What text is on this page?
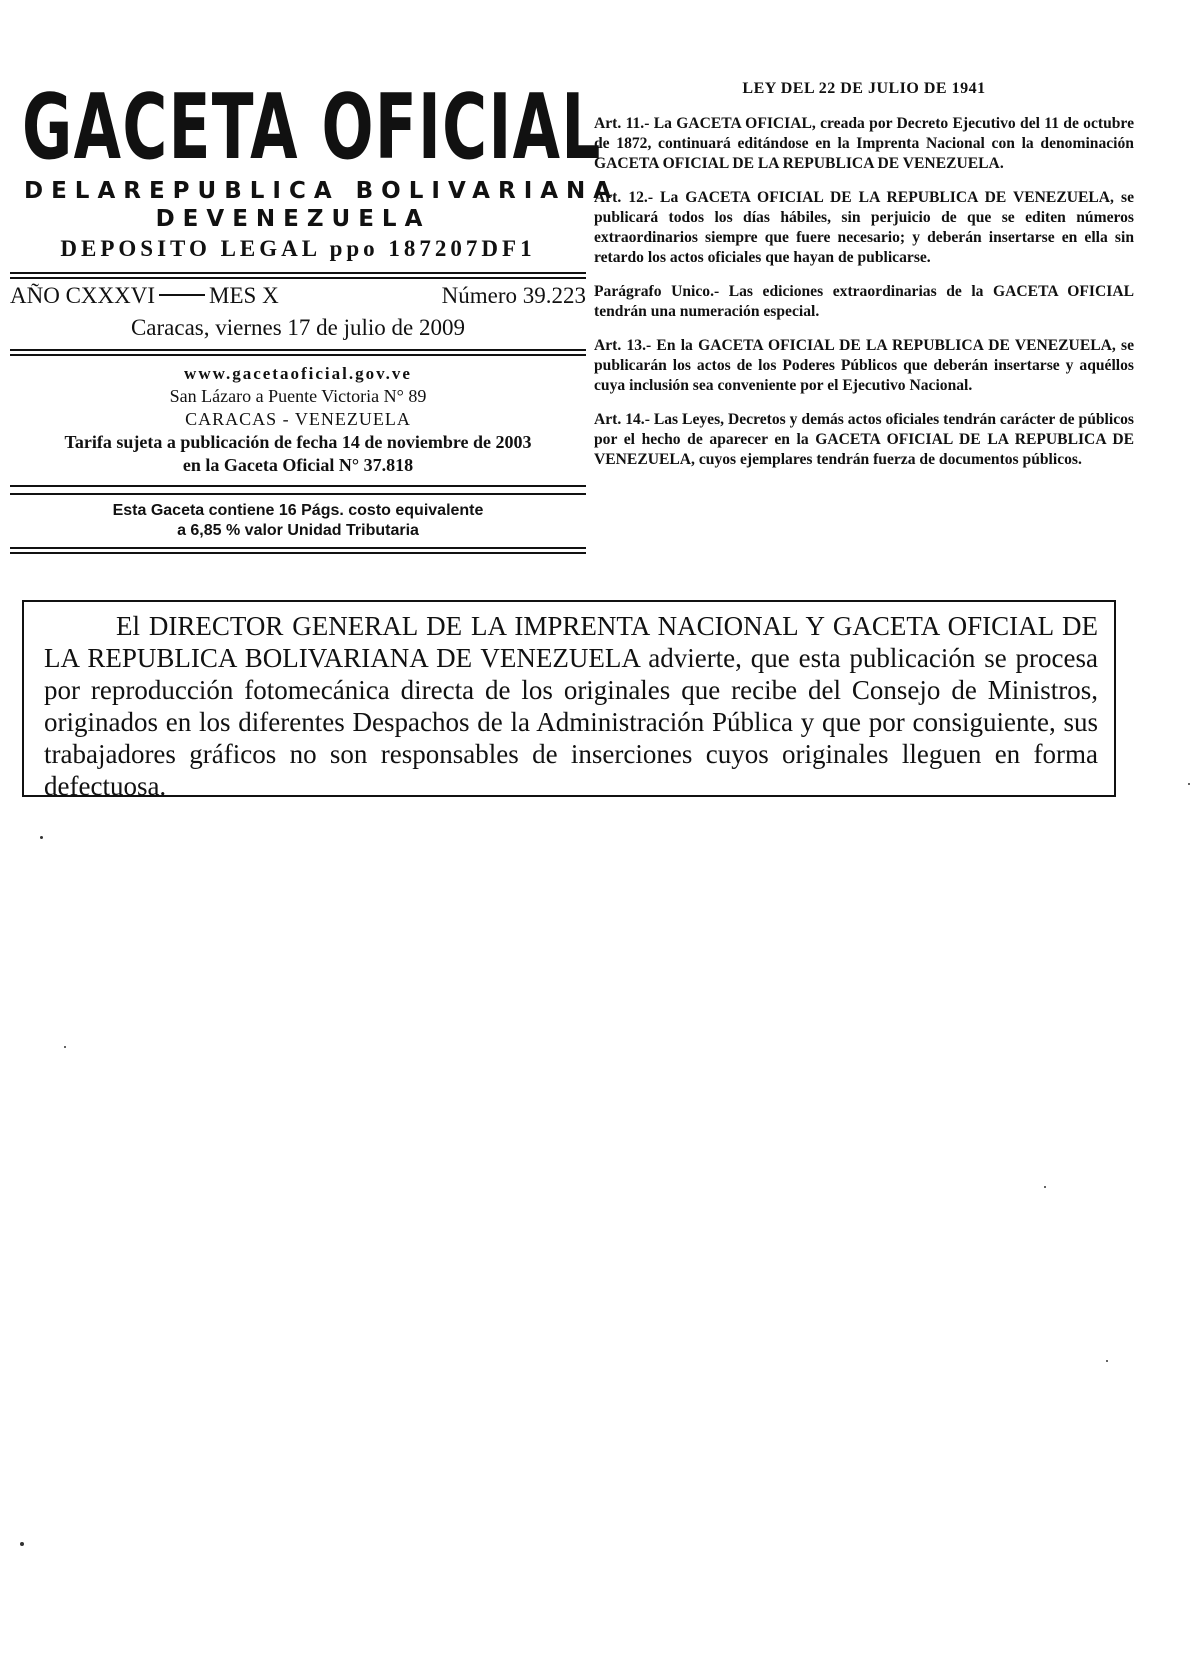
GACETA OFICIAL
DELAREPUBLICA BOLIVARIANA
DEVENEZUELA
DEPOSITO LEGAL ppo 187207DF1
AÑO CXXXVI MES X	Número 39.223
Caracas, viernes 17 de julio de 2009
www.gacetaoficial.gov.ve
San Lázaro a Puente Victoria N° 89
CARACAS - VENEZUELA
Tarifa sujeta a publicación de fecha 14 de noviembre de 2003
en la Gaceta Oficial N° 37.818
Esta Gaceta contiene 16 Págs. costo equivalente
a 6,85 % valor Unidad Tributaria
LEY DEL 22 DE JULIO DE 1941
Art. 11.- La GACETA OFICIAL, creada por Decreto Ejecutivo del 11 de octubre de 1872, continuará editándose en la Imprenta Nacional con la denominación GACETA OFICIAL DE LA REPUBLICA DE VENEZUELA.
Art. 12.- La GACETA OFICIAL DE LA REPUBLICA DE VENEZUELA, se publicará todos los días hábiles, sin perjuicio de que se editen números extraordinarios siempre que fuere necesario; y deberán insertarse en ella sin retardo los actos oficiales que hayan de publicarse.
Parágrafo Unico.- Las ediciones extraordinarias de la GACETA OFICIAL tendrán una numeración especial.
Art. 13.- En la GACETA OFICIAL DE LA REPUBLICA DE VENEZUELA, se publicarán los actos de los Poderes Públicos que deberán insertarse y aquéllos cuya inclusión sea conveniente por el Ejecutivo Nacional.
Art. 14.- Las Leyes, Decretos y demás actos oficiales tendrán carácter de públicos por el hecho de aparecer en la GACETA OFICIAL DE LA REPUBLICA DE VENEZUELA, cuyos ejemplares tendrán fuerza de documentos públicos.

El DIRECTOR GENERAL DE LA IMPRENTA NACIONAL Y GACETA OFICIAL DE LA REPUBLICA BOLIVARIANA DE VENEZUELA advierte, que esta publicación se procesa por reproducción fotomecánica directa de los originales que recibe del Consejo de Ministros, originados en los diferentes Despachos de la Administración Pública y que por consiguiente, sus trabajadores gráficos no son responsables de inserciones cuyos originales lleguen en forma defectuosa.
